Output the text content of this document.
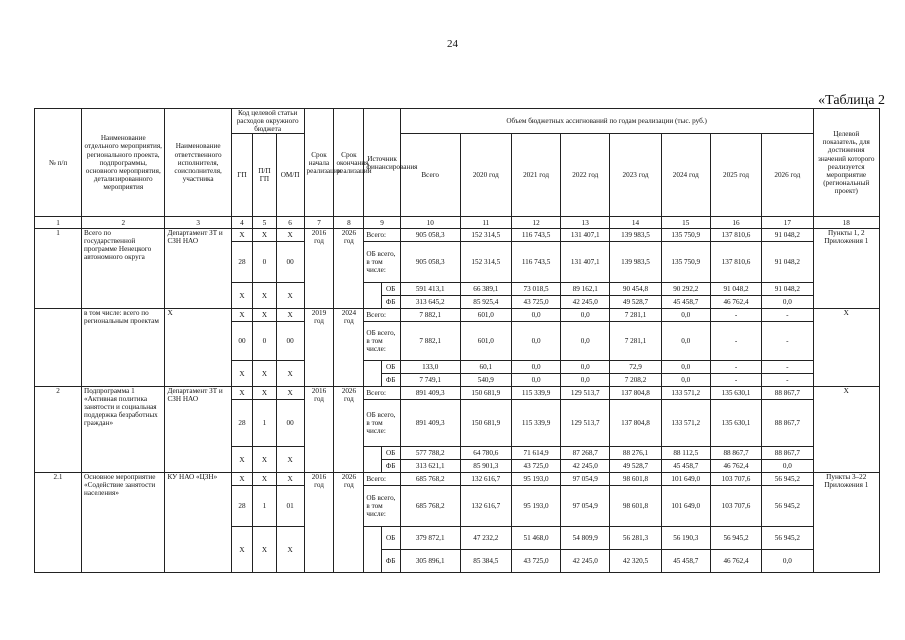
24
«Таблица 2
№ п/п	Наименование отдельного мероприятия, регионального проекта, подпрограммы, основного мероприятия, детализированного мероприятия	Наименование ответственного исполнителя, соисполнителя, участника	Код целевой статьи расходов окружного бюджета			Срок начала реализации	Срок окончания реализации	Источник финансирования		Объем бюджетных ассигнований по годам реализации (тыс. руб.)								Целевой показатель, для достижения значений которого реализуется мероприятие (региональный проект)
			ГП	П/П ГП	ОМ/П					Всего	2020 год	2021 год	2022 год	2023 год	2024 год	2025 год	2026 год	
1	2	3	4	5	6	7	8	9		10	11	12	13	14	15	16	17	18
1	Всего по государственной программе Ненецкого автономного округа	Департамент ЗТ и СЗН НАО	Х	Х	Х	2016 год	2026 год	Всего:		905 058,3	152 314,5	116 743,5	131 407,1	139 983,5	135 750,9	137 810,6	91 048,2	Пункты 1, 2 Приложения 1
			28	0	00			ОБ всего, в том числе:		905 058,3	152 314,5	116 743,5	131 407,1	139 983,5	135 750,9	137 810,6	91 048,2	
			Х	Х	Х				ОБ	591 413,1	66 389,1	73 018,5	89 162,1	90 454,8	90 292,2	91 048,2	91 048,2	
									ФБ	313 645,2	85 925,4	43 725,0	42 245,0	49 528,7	45 458,7	46 762,4	0,0	
	в том числе: всего по региональным проектам	Х	Х	Х	Х	2019 год	2024 год	Всего:		7 882,1	601,0	0,0	0,0	7 281,1	0,0	-	-	Х
			00	0	00			ОБ всего, в том числе:		7 882,1	601,0	0,0	0,0	7 281,1	0,0	-	-	
			Х	Х	Х				ОБ	133,0	60,1	0,0	0,0	72,9	0,0	-	-	
									ФБ	7 749,1	540,9	0,0	0,0	7 208,2	0,0	-	-	
2	Подпрограмма 1 «Активная политика занятости и социальная поддержка безработных граждан»	Департамент ЗТ и СЗН НАО	Х	Х	Х	2016 год	2026 год	Всего:		891 409,3	150 681,9	115 339,9	129 513,7	137 804,8	133 571,2	135 630,1	88 867,7	Х
			28	1	00			ОБ всего, в том числе:		891 409,3	150 681,9	115 339,9	129 513,7	137 804,8	133 571,2	135 630,1	88 867,7	
			Х	Х	Х				ОБ	577 788,2	64 780,6	71 614,9	87 268,7	88 276,1	88 112,5	88 867,7	88 867,7	
									ФБ	313 621,1	85 901,3	43 725,0	42 245,0	49 528,7	45 458,7	46 762,4	0,0	
2.1	Основное мероприятие «Содействие занятости населения»	КУ НАО «ЦЗН»	Х	Х	Х	2016 год	2026 год	Всего:		685 768,2	132 616,7	95 193,0	97 054,9	98 601,8	101 649,0	103 707,6	56 945,2	Пункты 3–22 Приложения 1
			28	1	01			ОБ всего, в том числе:		685 768,2	132 616,7	95 193,0	97 054,9	98 601,8	101 649,0	103 707,6	56 945,2	
			Х	Х	Х				ОБ	379 872,1	47 232,2	51 468,0	54 809,9	56 281,3	56 190,3	56 945,2	56 945,2	
									ФБ	305 896,1	85 384,5	43 725,0	42 245,0	42 320,5	45 458,7	46 762,4	0,0	
